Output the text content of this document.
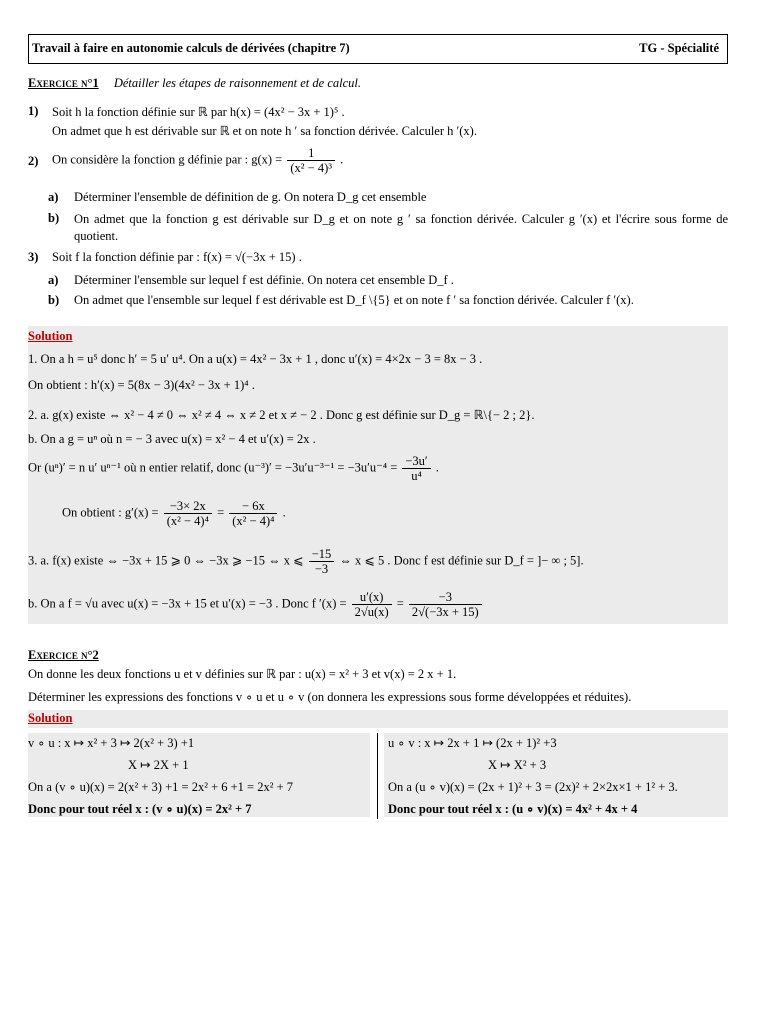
Travail à faire en autonomie calculs de dérivées (chapitre 7)	TG - Spécialité
Exercice n°1 Détailler les étapes de raisonnement et de calcul.
1) Soit h la fonction définie sur ℝ par h(x) = (4x² − 3x + 1)⁵ .
On admet que h est dérivable sur ℝ et on note h ′ sa fonction dérivée. Calculer h ′(x).
2) On considère la fonction g définie par : $g(x) = \frac{1}{\text{(x² − 4)³}}$ .
a) Déterminer l'ensemble de définition de g. On notera D_g cet ensemble
b) On admet que la fonction g est dérivable sur D_g et on note g ′ sa fonction dérivée. Calculer g ′(x) et l'écrire sous forme de quotient.
3) Soit f la fonction définie par : f(x) = √(−3x + 15) .
a) Déterminer l'ensemble sur lequel f est définie. On notera cet ensemble D_f .
b) On admet que l'ensemble sur lequel f est dérivable est D_f \{5} et on note f ′ sa fonction dérivée. Calculer f ′(x).
Solution
1. On a h = u⁵ donc h′ = 5 u′ u⁴. On a u(x) = 4x² − 3x + 1 , donc u′(x) = 4×2x − 3 = 8x − 3 .
On obtient : h′(x) = 5(8x − 3)(4x² − 3x + 1)⁴ .
2. a. g(x) existe ⇔ x² − 4 ≠ 0 ⇔ x² ≠ 4 ⇔ x ≠ 2 et x ≠ − 2 . Donc g est définie sur D_g = ℝ\{− 2 ; 2}.
b. On a g = uⁿ où n = − 3 avec u(x) = x² − 4 et u′(x) = 2x .
Or (uⁿ)′ = n u′ uⁿ⁻¹ où n entier relatif, donc $(u^{-3})' = -3u'u^{-3-1} = -3u'u^{-4} = \frac{-3u'}{\text{u⁴}}$ .
On obtient : $g'(x) = \frac{-3\times 2x}{\text{(x² − 4)⁴}} = \frac{- 6x}{\text{(x² − 4)⁴}}$ .
3. a. f(x) existe ⇔ −3x + 15 ⩾ 0 ⇔ −3x ⩾ −15 ⇔ x ⩽ $\frac{-15}{-3}$ ⇔ x ⩽ 5 . Donc f est définie sur D_f = ]− ∞ ; 5].
b. On a f = √u avec u(x) = −3x + 15 et u′(x) = −3 . Donc f $'(x) = \frac{u'(x)}{2√u(x)} = \frac{-3}{2√(-3x + 15)}$
Exercice n°2
On donne les deux fonctions u et v définies sur ℝ par : u(x) = x² + 3 et v(x) = 2 x + 1.
Déterminer les expressions des fonctions v ∘ u et u ∘ v (on donnera les expressions sous forme développées et réduites).
Solution
v ∘ u : x ↦ x² + 3 ↦ 2(x² + 3) +1
X ↦ 2X + 1
On a (v ∘ u)(x) = 2(x² + 3) +1 = 2x² + 6 +1 = 2x² + 7
Donc pour tout réel x : (v ∘ u)(x) = 2x² + 7
u ∘ v : x ↦ 2x + 1 ↦ (2x + 1)² +3
X ↦ X² + 3
On a (u ∘ v)(x) = (2x + 1)² + 3 = (2x)² + 2×2x×1 + 1² + 3.
Donc pour tout réel x : (u ∘ v)(x) = 4x² + 4x + 4
